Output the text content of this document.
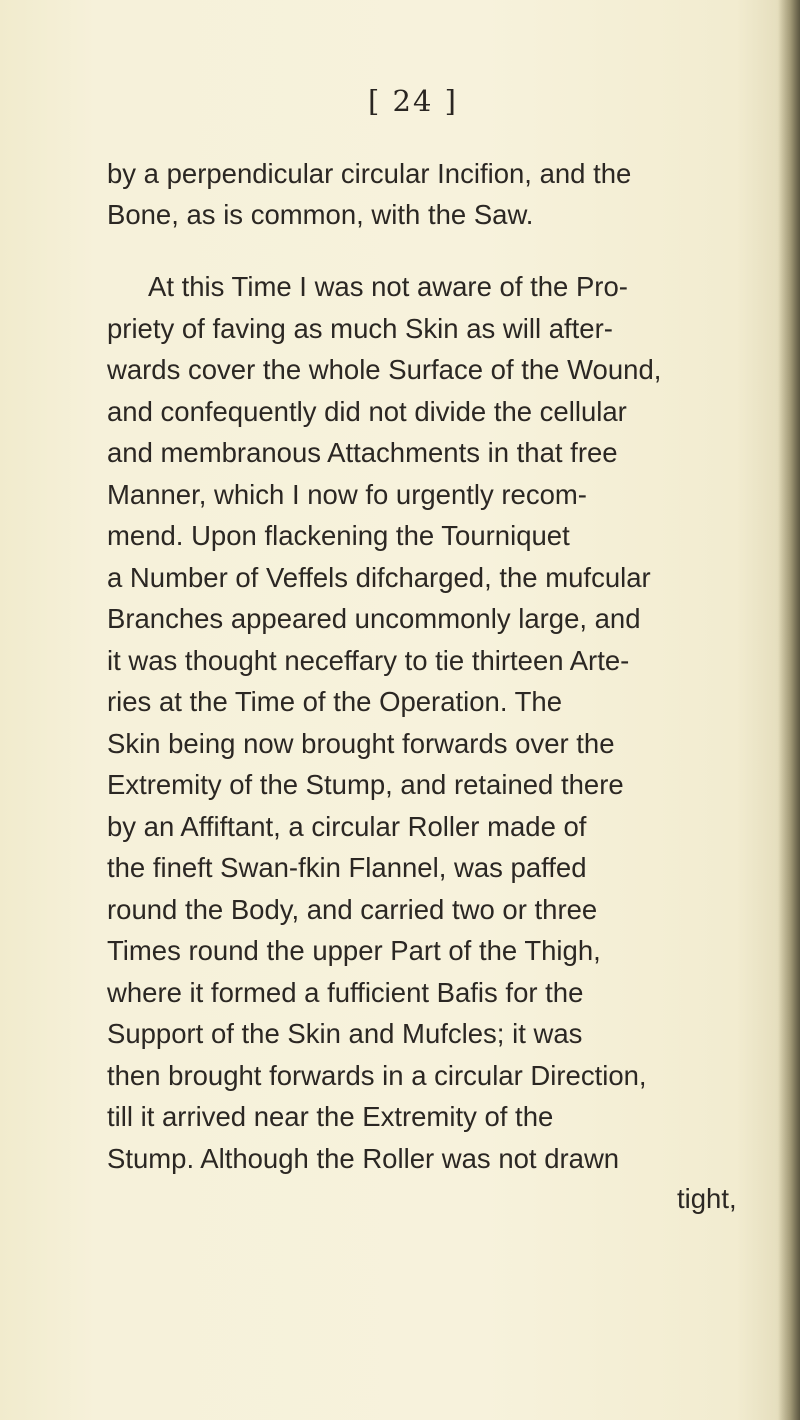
[ 24 ]
by a perpendicular circular Incifion, and the
Bone, as is common, with the Saw.
At this Time I was not aware of the Pro-
priety of faving as much Skin as will after-
wards cover the whole Surface of the Wound,
and confequently did not divide the cellular
and membranous Attachments in that free
Manner, which I now fo urgently recom-
mend. Upon flackening the Tourniquet
a Number of Veffels difcharged, the mufcular
Branches appeared uncommonly large, and
it was thought neceffary to tie thirteen Arte-
ries at the Time of the Operation. The
Skin being now brought forwards over the
Extremity of the Stump, and retained there
by an Affiftant, a circular Roller made of
the fineft Swan-fkin Flannel, was paffed
round the Body, and carried two or three
Times round the upper Part of the Thigh,
where it formed a fufficient Bafis for the
Support of the Skin and Mufcles; it was
then brought forwards in a circular Direction,
till it arrived near the Extremity of the
Stump. Although the Roller was not drawn
tight,
